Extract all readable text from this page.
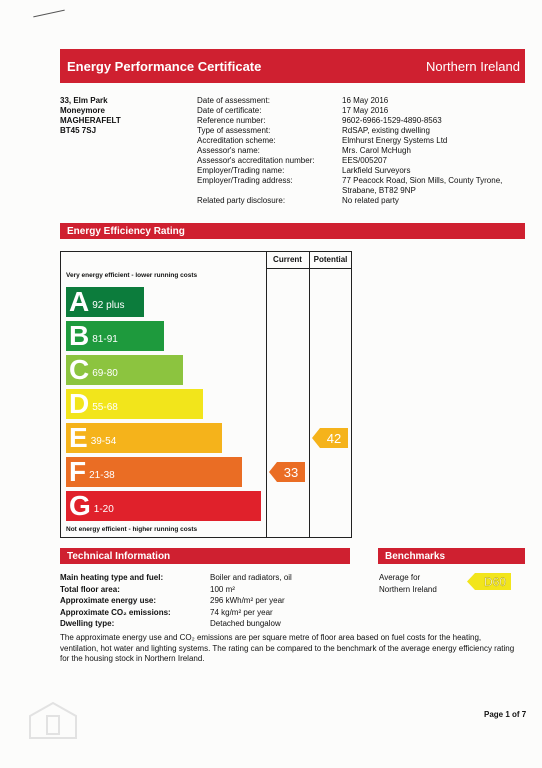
Energy Performance Certificate	Northern Ireland
33, Elm Park
Moneymore
MAGHERAFELT
BT45 7SJ
Date of assessment:	16 May 2016
Date of certificate:	17 May 2016
Reference number:	9602-6966-1529-4890-8563
Type of assessment:	RdSAP, existing dwelling
Accreditation scheme:	Elmhurst Energy Systems Ltd
Assessor's name:	Mrs. Carol McHugh
Assessor's accreditation number:	EES/005207
Employer/Trading name:	Larkfield Surveyors
Employer/Trading address:	77 Peacock Road, Sion Mills, County Tyrone, Strabane, BT82 9NP
Related party disclosure:	No related party
Energy Efficiency Rating
Current	Potential
Very energy efficient - lower running costs
Not energy efficient - higher running costs
A 92 plus
B 81-91
C 69-80
D 55-68
E 39-54
F 21-38
G 1-20
33
42
Technical Information	Benchmarks
Main heating type and fuel:	Boiler and radiators, oil
Total floor area:	100 m²
Approximate energy use:	296 kWh/m² per year
Approximate CO₂ emissions:	74 kg/m² per year
Dwelling type:	Detached bungalow
Average for
Northern Ireland	D60
The approximate energy use and CO₂ emissions are per square metre of floor area based on fuel costs for the heating, ventilation, hot water and lighting systems. The rating can be compared to the benchmark of the average energy efficiency rating for the housing stock in Northern Ireland.
Page 1 of 7
